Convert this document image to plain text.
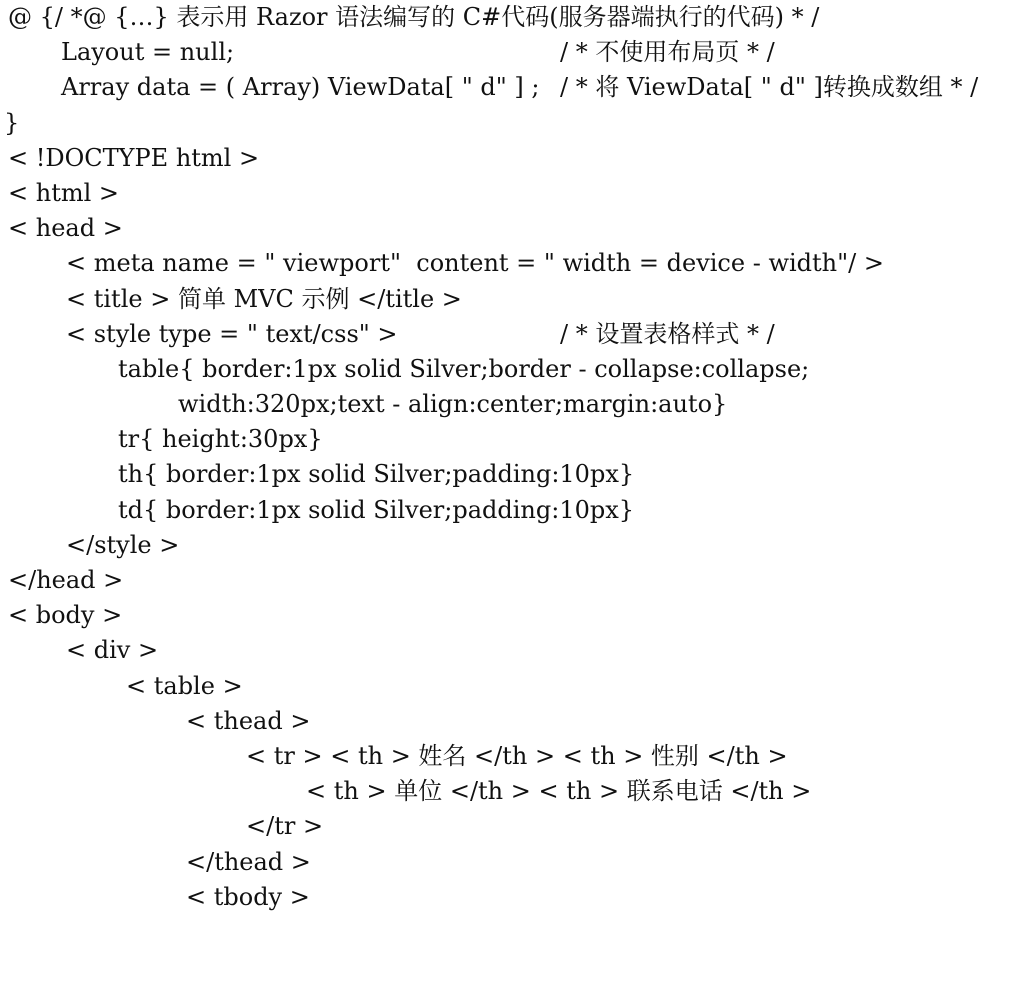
@ {/ *@ {…} 表示用 Razor 语法编写的 C#代码(服务器端执行的代码) * /

Layout = null;

	/ * 不使用布局页 * /

Array data = ( Array) ViewData[ " d" ] ;

/ * 将 ViewData[ " d" ]转换成数组 * /

}

< !DOCTYPE html >

< html >

< head >

< meta name = " viewport"  content = " width = device - width"/ >

< title > 简单 MVC 示例 </title >

< style type = " text/css" >

	/ * 设置表格样式 * /

table{ border:1px solid Silver;border - collapse:collapse;

width:320px;text - align:center;margin:auto}

tr{ height:30px}

th{ border:1px solid Silver;padding:10px}

td{ border:1px solid Silver;padding:10px}

</style >

</head >

< body >

< div >

< table >

< thead >

< tr > < th > 姓名 </th > < th > 性别 </th >

< th > 单位 </th > < th > 联系电话 </th >

</tr >

</thead >

< tbody >
